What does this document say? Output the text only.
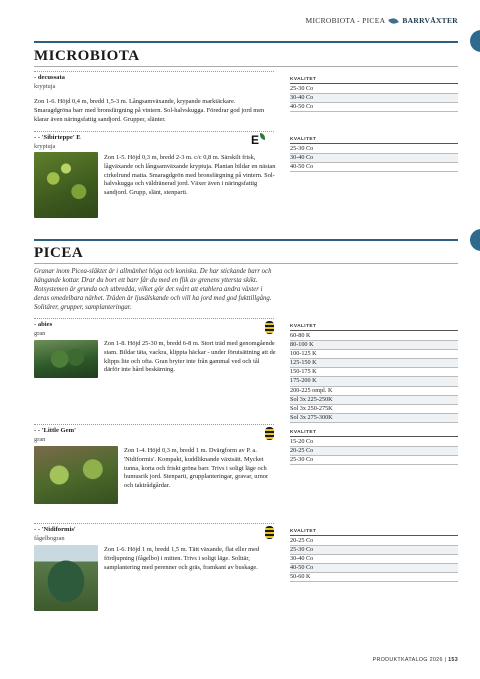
MICROBIOTA - PICEA BARRVÄXTER
MICROBIOTA
- decussata
kryptuja
Zon 1-6. Höjd 0,4 m, bredd 1,5-3 m. Långsamväxande, krypande marktäckare. Smaragdgröna barr med bronsfärgning på vintern. Sol-halvskugga. Föredrar god jord men klarar även näringsfattig sandjord. Grupper, slänter.
KVALITET
25-30 Co
30-40 Co
40-50 Co
- - 'Sibirteppe' E
kryptuja	E
Zon 1-5. Höjd 0,3 m, bredd 2-3 m. c/c 0,8 m. Särskilt frisk, lågväxande och långsamväxande kryptuja. Plantan bildar en nästan cirkelrund matta. Smaragdgrön med bronsfärgning på vintern. Sol-halvskugga och väldränerad jord. Växer även i näringsfattig sandjord. Grupp, slänt, stenparti.
KVALITET
25-30 Co
30-40 Co
40-50 Co
PICEA
Granar inom Picea-släktet är i allmänhet höga och koniska. De har stickande barr och hängande kottar. Drar du bort ett barr får du med en flik av grenens yttersta skikt. Rotsystemen är grunda och utbredda, vilket gör det svårt att etablera andra växter i deras omedelbara närhet. Träden är ljusälskande och vill ha jord med god fukttillgång. Solitärer, grupper, samplanteringar.
- abies
gran
Zon 1-8. Höjd 25-30 m, bredd 6-8 m. Stort träd med genomgående stam. Bildar täta, vackra, klippta häckar - under förutsättning att de klipps lite och ofta. Gran bryter inte från gammal ved och tål därför inte hård beskärning.
KVALITET
60-80 K
80-100 K
100-125 K
125-150 K
150-175 K
175-200 K
200-225 ompl. K
Sol 3x 225-250K
Sol 3x 250-275K
Sol 3x 275-300K
- - 'Little Gem'
gran
Zon 1-4. Höjd 0,3 m, bredd 1 m. Dvärgform av P. a. 'Nidiformis'. Kompakt, kuddliknande växtsätt. Mycket tunna, korta och friskt gröna barr. Trivs i soligt läge och humusrik jord. Stenparti, grupplanteringar, gravar, urnor och taktrådgårdar.
KVALITET
15-20 Co
20-25 Co
25-30 Co
- - 'Nidiformis'
fågelbogran
Zon 1-6. Höjd 1 m, bredd 1,5 m. Tätt växande, flat eller med fördjupning (fågelbo) i mitten. Trivs i soligt läge. Solitär, samplantering med perenner och gräs, framkant av buskage.
KVALITET
20-25 Co
25-30 Co
30-40 Co
40-50 Co
50-60 K
PRODUKTKATALOG 2026 | 153
